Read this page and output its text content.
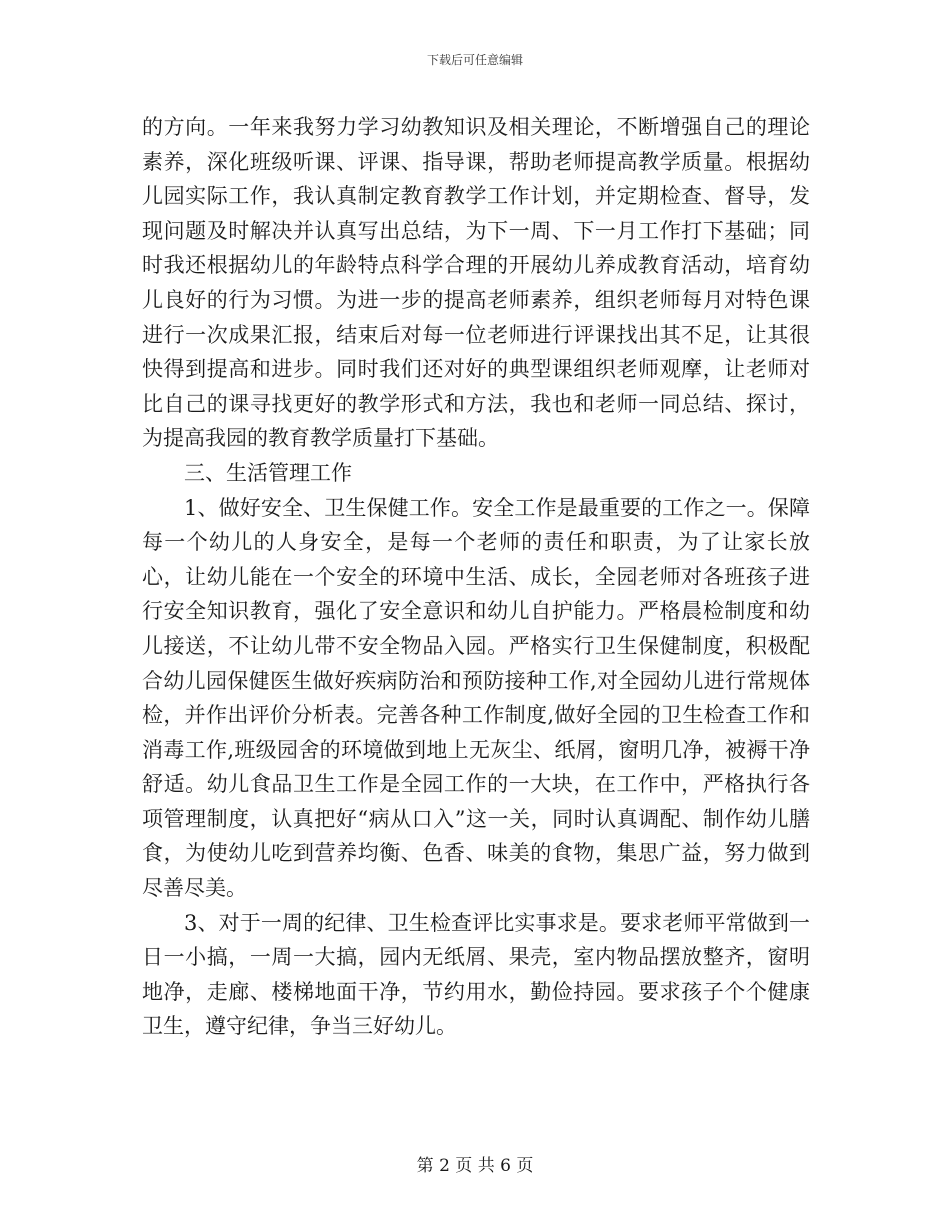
下载后可任意编辑

的方向。一年来我努力学习幼教知识及相关理论，不断增强自己的理论素养，深化班级听课、评课、指导课，帮助老师提高教学质量。根据幼儿园实际工作，我认真制定教育教学工作计划，并定期检查、督导，发现问题及时解决并认真写出总结，为下一周、下一月工作打下基础；同时我还根据幼儿的年龄特点科学合理的开展幼儿养成教育活动，培育幼儿良好的行为习惯。为进一步的提高老师素养，组织老师每月对特色课进行一次成果汇报，结束后对每一位老师进行评课找出其不足，让其很快得到提高和进步。同时我们还对好的典型课组织老师观摩，让老师对比自己的课寻找更好的教学形式和方法，我也和老师一同总结、探讨，为提高我园的教育教学质量打下基础。

三、生活管理工作

1、做好安全、卫生保健工作。安全工作是最重要的工作之一。保障每一个幼儿的人身安全，是每一个老师的责任和职责，为了让家长放心，让幼儿能在一个安全的环境中生活、成长，全园老师对各班孩子进行安全知识教育，强化了安全意识和幼儿自护能力。严格晨检制度和幼儿接送，不让幼儿带不安全物品入园。严格实行卫生保健制度，积极配合幼儿园保健医生做好疾病防治和预防接种工作,对全园幼儿进行常规体检，并作出评价分析表。完善各种工作制度,做好全园的卫生检查工作和消毒工作,班级园舍的环境做到地上无灰尘、纸屑，窗明几净，被褥干净舒适。幼儿食品卫生工作是全园工作的一大块，在工作中，严格执行各项管理制度，认真把好“病从口入”这一关，同时认真调配、制作幼儿膳食，为使幼儿吃到营养均衡、色香、味美的食物，集思广益，努力做到尽善尽美。

3、对于一周的纪律、卫生检查评比实事求是。要求老师平常做到一日一小搞，一周一大搞，园内无纸屑、果壳，室内物品摆放整齐，窗明地净，走廊、楼梯地面干净，节约用水，勤俭持园。要求孩子个个健康卫生，遵守纪律，争当三好幼儿。

第 2 页 共 6 页
